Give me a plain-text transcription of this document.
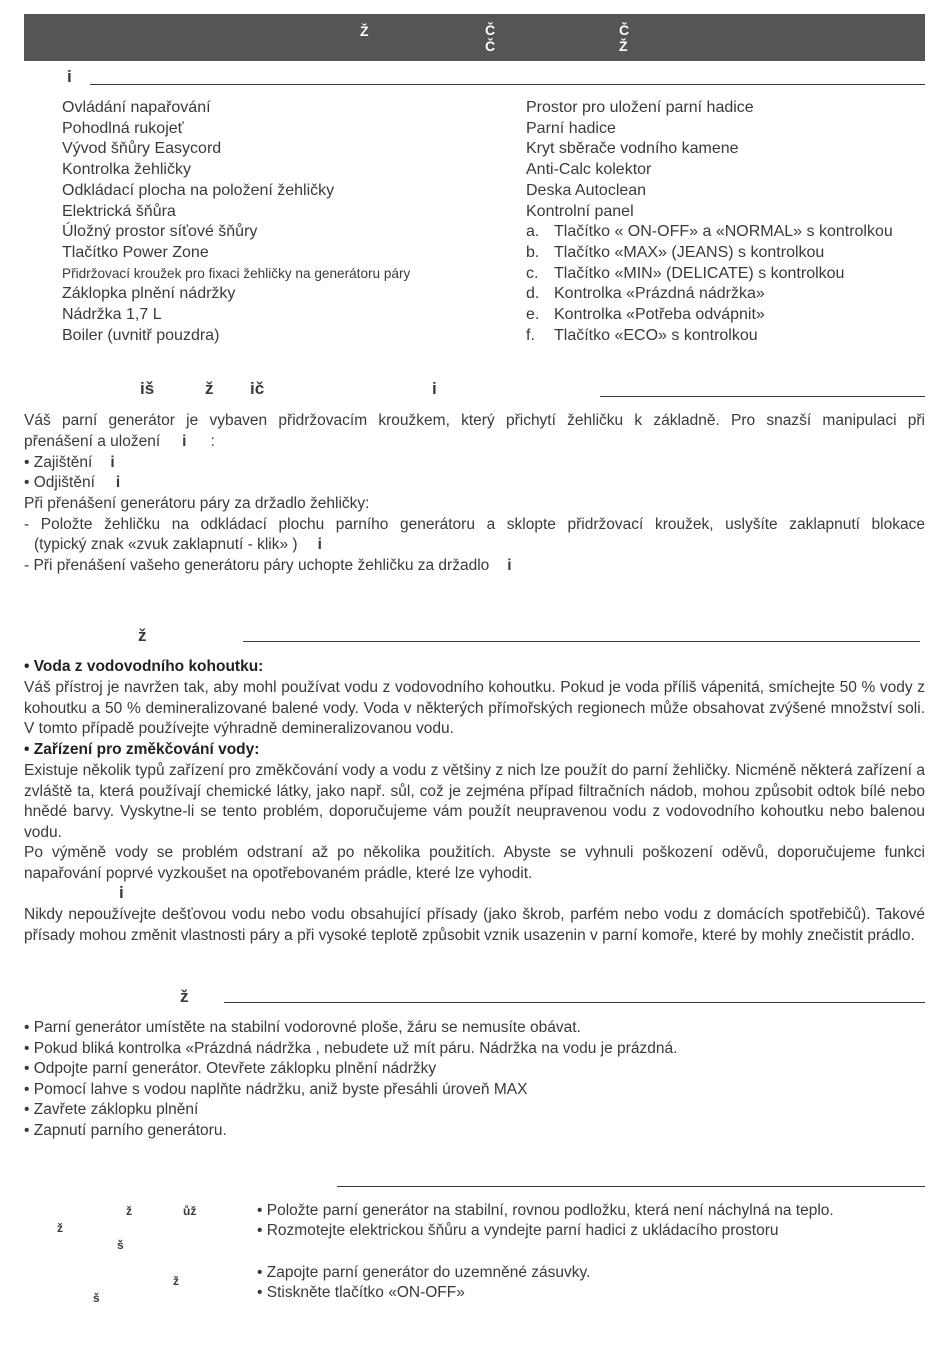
Ž	Č
Č
Č
Ž
i
Ovládání napařování
Pohodlná rukojeť
Vývod šňůry Easycord
Kontrolka žehličky
Odkládací plocha na položení žehličky
Elektrická šňůra
Úložný prostor síťové šňůry
Tlačítko Power Zone
Přidržovací kroužek pro fixaci žehličky na generátoru páry
Záklopka plnění nádržky
Nádržka 1,7 L
Boiler (uvnitř pouzdra)
Prostor pro uložení parní hadice
Parní hadice
Kryt sběrače vodního kamene
Anti-Calc kolektor
Deska Autoclean
Kontrolní panel
a. Tlačítko « ON-OFF» a «NORMAL» s kontrolkou
b. Tlačítko «MAX» (JEANS) s kontrolkou
c. Tlačítko «MIN» (DELICATE) s kontrolkou
d. Kontrolka «Prázdná nádržka»
e. Kontrolka «Potřeba odvápnit»
f. Tlačítko «ECO» s kontrolkou
iš	ž ič	i
Váš parní generátor je vybaven přidržovacím kroužkem, který přichytí žehličku k základně. Pro snazší manipulaci při
přenášení a uložení i :
• Zajištění i
• Odjištění i
Při přenášení generátoru páry za držadlo žehličky:
- Položte žehličku na odkládací plochu parního generátoru a sklopte přidržovací kroužek, uslyšíte zaklapnutí blokace
(typický znak «zvuk zaklapnutí - klik» ) i
- Při přenášení vašeho generátoru páry uchopte žehličku za držadlo i
ž
• Voda z vodovodního kohoutku:

Váš přístroj je navržen tak, aby mohl používat vodu z vodovodního kohoutku. Pokud je voda příliš vápenitá, smíchejte 50 % vody z kohoutku a 50 % demineralizované balené vody. Voda v některých přímořských regionech může obsahovat zvýšené množství soli. V tomto případě používejte výhradně demineralizovanou vodu.

• Zařízení pro změkčování vody:

Existuje několik typů zařízení pro změkčování vody a vodu z většiny z nich lze použít do parní žehličky. Nicméně některá zařízení a zvláště ta, která používají chemické látky, jako např. sůl, což je zejména případ filtračních nádob, mohou způsobit odtok bílé nebo hnědé barvy. Vyskytne-li se tento problém, doporučujeme vám použít neupravenou vodu z vodovodního kohoutku nebo balenou vodu.

Po výměně vody se problém odstraní až po několika použitích. Abyste se vyhnuli poškození oděvů, doporučujeme funkci napařování poprvé vyzkoušet na opotřebovaném prádle, které lze vyhodit.

i

Nikdy nepoužívejte dešťovou vodu nebo vodu obsahující přísady (jako škrob, parfém nebo vodu z domácích spotřebičů). Takové přísady mohou změnit vlastnosti páry a při vysoké teplotě způsobit vznik usazenin v parní komoře, které by mohly znečistit prádlo.

ž
• Parní generátor umístěte na stabilní vodorovné ploše, žáru se nemusíte obávat.
• Pokud bliká kontrolka «Prázdná nádržka , nebudete už mít páru. Nádržka na vodu je prázdná.
• Odpojte parní generátor. Otevřete záklopku plnění nádržky
• Pomocí lahve s vodou naplňte nádržku, aniž byste přesáhli úroveň MAX
• Zavřete záklopku plnění
• Zapnutí parního generátoru.
ž	ůž
ž
š
ž
š
• Položte parní generátor na stabilní, rovnou podložku, která není náchylná na teplo.
• Rozmotejte elektrickou šňůru a vyndejte parní hadici z ukládacího prostoru
• Zapojte parní generátor do uzemněné zásuvky.
• Stiskněte tlačítko «ON-OFF»
